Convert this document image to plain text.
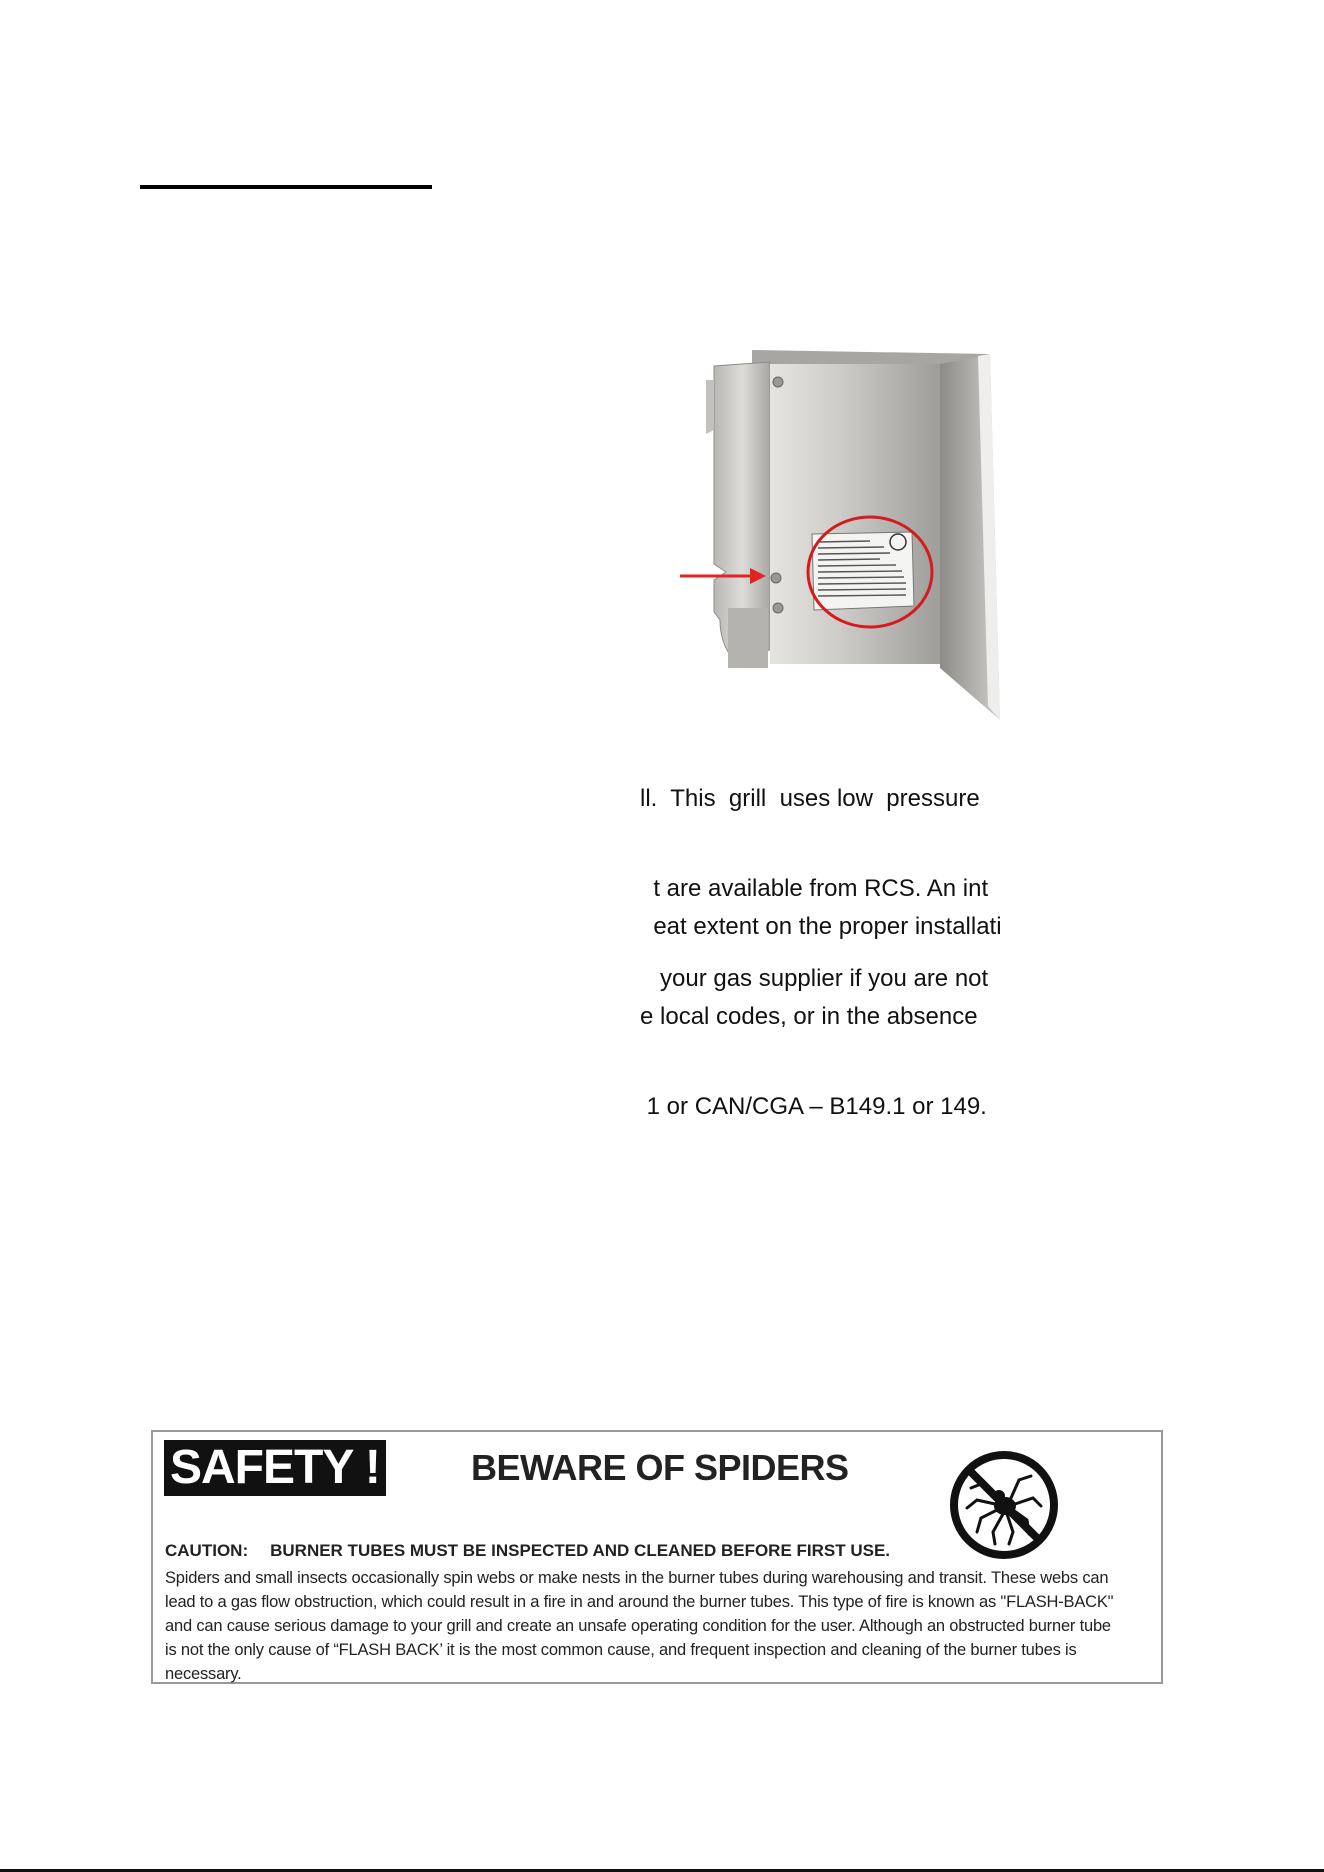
ll.  This  grill  uses low  pressure

t are available from RCS. An int

your gas supplier if you are not

eat extent on the proper installati

e local codes, or in the absence

1 or CAN/CGA – B149.1 or 149.

SAFETY !	BEWARE OF SPIDERS
CAUTION: BURNER TUBES MUST BE INSPECTED AND CLEANED BEFORE FIRST USE.
Spiders and small insects occasionally spin webs or make nests in the burner tubes during warehousing and transit. These webs can
lead to a gas flow obstruction, which could result in a fire in and around the burner tubes. This type of fire is known as "FLASH-BACK"
and can cause serious damage to your grill and create an unsafe operating condition for the user. Although an obstructed burner tube
is not the only cause of “FLASH BACK’ it is the most common cause, and frequent inspection and cleaning of the burner tubes is
necessary.
